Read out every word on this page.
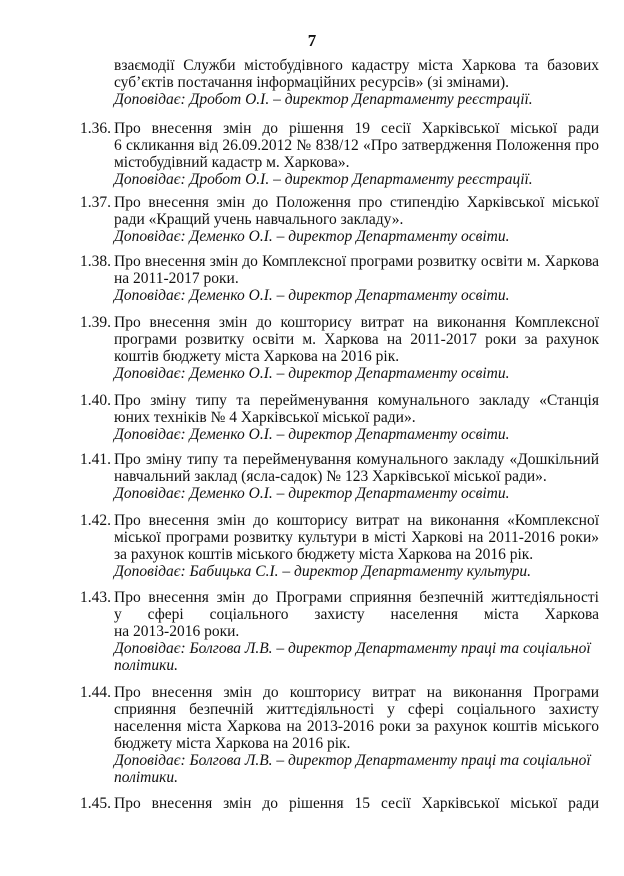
7
взаємодії Служби містобудівного кадастру міста Харкова та базових
суб’єктів постачання інформаційних ресурсів» (зі змінами).
Доповідає: Дробот О.І. – директор Департаменту реєстрації.
1.36. Про внесення змін до рішення 19 сесії Харківської міської ради
6 скликання від 26.09.2012 № 838/12 «Про затвердження Положення про
містобудівний кадастр м. Харкова».
Доповідає: Дробот О.І. – директор Департаменту реєстрації.
1.37. Про внесення змін до Положення про стипендію Харківської міської
ради «Кращий учень навчального закладу».
Доповідає: Деменко О.І. – директор Департаменту освіти.
1.38. Про внесення змін до Комплексної програми розвитку освіти м. Харкова
на 2011-2017 роки.
Доповідає: Деменко О.І. – директор Департаменту освіти.
1.39. Про внесення змін до кошторису витрат на виконання Комплексної
програми розвитку освіти м. Харкова на 2011-2017 роки за рахунок
коштів бюджету міста Харкова на 2016 рік.
Доповідає: Деменко О.І. – директор Департаменту освіти.
1.40. Про зміну типу та перейменування комунального закладу «Станція
юних техніків № 4 Харківської міської ради».
Доповідає: Деменко О.І. – директор Департаменту освіти.
1.41. Про зміну типу та перейменування комунального закладу «Дошкільний
навчальний заклад (ясла-садок) № 123 Харківської міської ради».
Доповідає: Деменко О.І. – директор Департаменту освіти.
1.42. Про внесення змін до кошторису витрат на виконання «Комплексної
міської програми розвитку культури в місті Харкові на 2011-2016 роки»
за рахунок коштів міського бюджету міста Харкова на 2016 рік.
Доповідає: Бабицька С.І. – директор Департаменту культури.
1.43. Про внесення змін до Програми сприяння безпечній життєдіяльності
у сфері соціального захисту населення міста Харкова
на 2013-2016 роки.
Доповідає: Болгова Л.В. – директор Департаменту праці та соціальної
політики.
1.44. Про внесення змін до кошторису витрат на виконання Програми
сприяння безпечній життєдіяльності у сфері соціального захисту
населення міста Харкова на 2013-2016 роки за рахунок коштів міського
бюджету міста Харкова на 2016 рік.
Доповідає: Болгова Л.В. – директор Департаменту праці та соціальної
політики.
1.45. Про внесення змін до рішення 15 сесії Харківської міської ради
